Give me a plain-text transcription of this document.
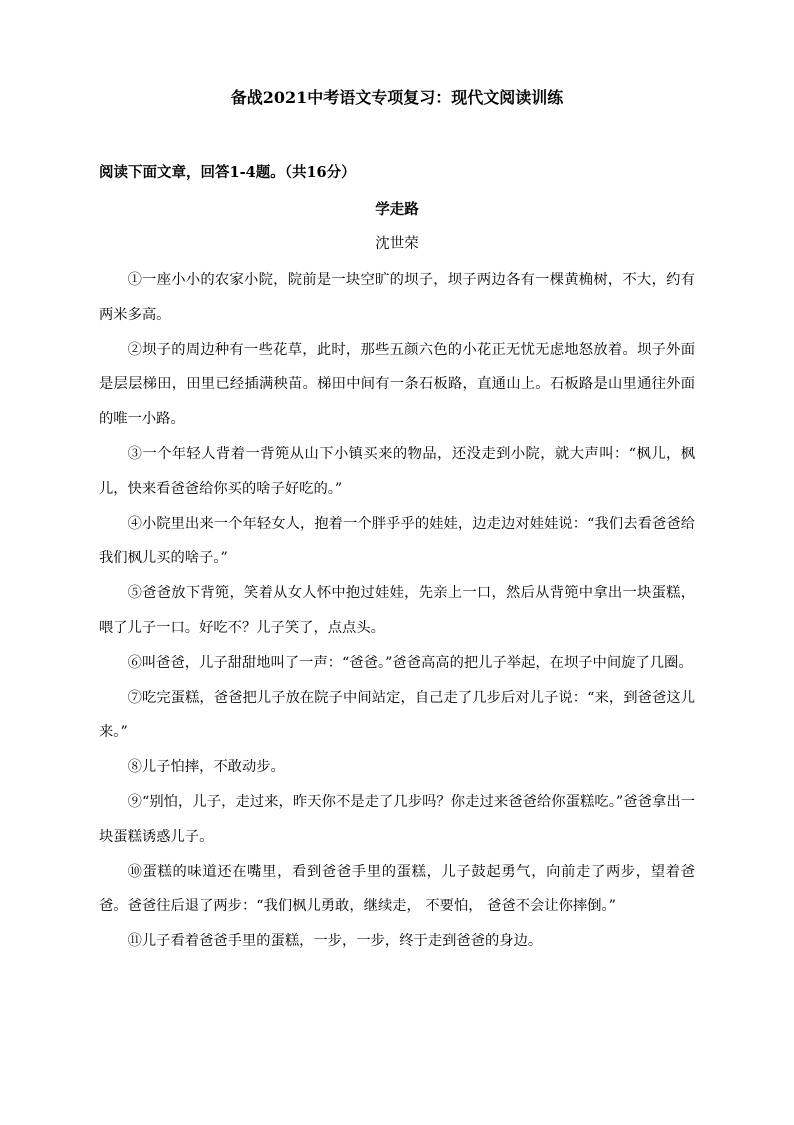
备战2021中考语文专项复习：现代文阅读训练
阅读下面文章，回答1-4题。（共16分）
学走路
沈世荣

①一座小小的农家小院，院前是一块空旷的坝子，坝子两边各有一棵黄桷树，不大，约有两米多高。

②坝子的周边种有一些花草，此时，那些五颜六色的小花正无忧无虑地怒放着。坝子外面是层层梯田，田里已经插满秧苗。梯田中间有一条石板路，直通山上。石板路是山里通往外面的唯一小路。

③一个年轻人背着一背篼从山下小镇买来的物品，还没走到小院，就大声叫：“枫儿，枫儿，快来看爸爸给你买的啥子好吃的。”

④小院里出来一个年轻女人，抱着一个胖乎乎的娃娃，边走边对娃娃说：“我们去看爸爸给我们枫儿买的啥子。”

⑤爸爸放下背篼，笑着从女人怀中抱过娃娃，先亲上一口，然后从背篼中拿出一块蛋糕，喂了儿子一口。好吃不？儿子笑了，点点头。

⑥叫爸爸，儿子甜甜地叫了一声：“爸爸。”爸爸高高的把儿子举起，在坝子中间旋了几圈。

⑦吃完蛋糕，爸爸把儿子放在院子中间站定，自己走了几步后对儿子说：“来，到爸爸这儿来。”

⑧儿子怕摔，不敢动步。

⑨“别怕，儿子，走过来，昨天你不是走了几步吗？你走过来爸爸给你蛋糕吃。”爸爸拿出一块蛋糕诱惑儿子。

⑩蛋糕的味道还在嘴里，看到爸爸手里的蛋糕，儿子鼓起勇气，向前走了两步，望着爸爸。爸爸往后退了两步：“我们枫儿勇敢，继续走， 不要怕， 爸爸不会让你摔倒。”

⑪儿子看着爸爸手里的蛋糕，一步，一步，终于走到爸爸的身边。
